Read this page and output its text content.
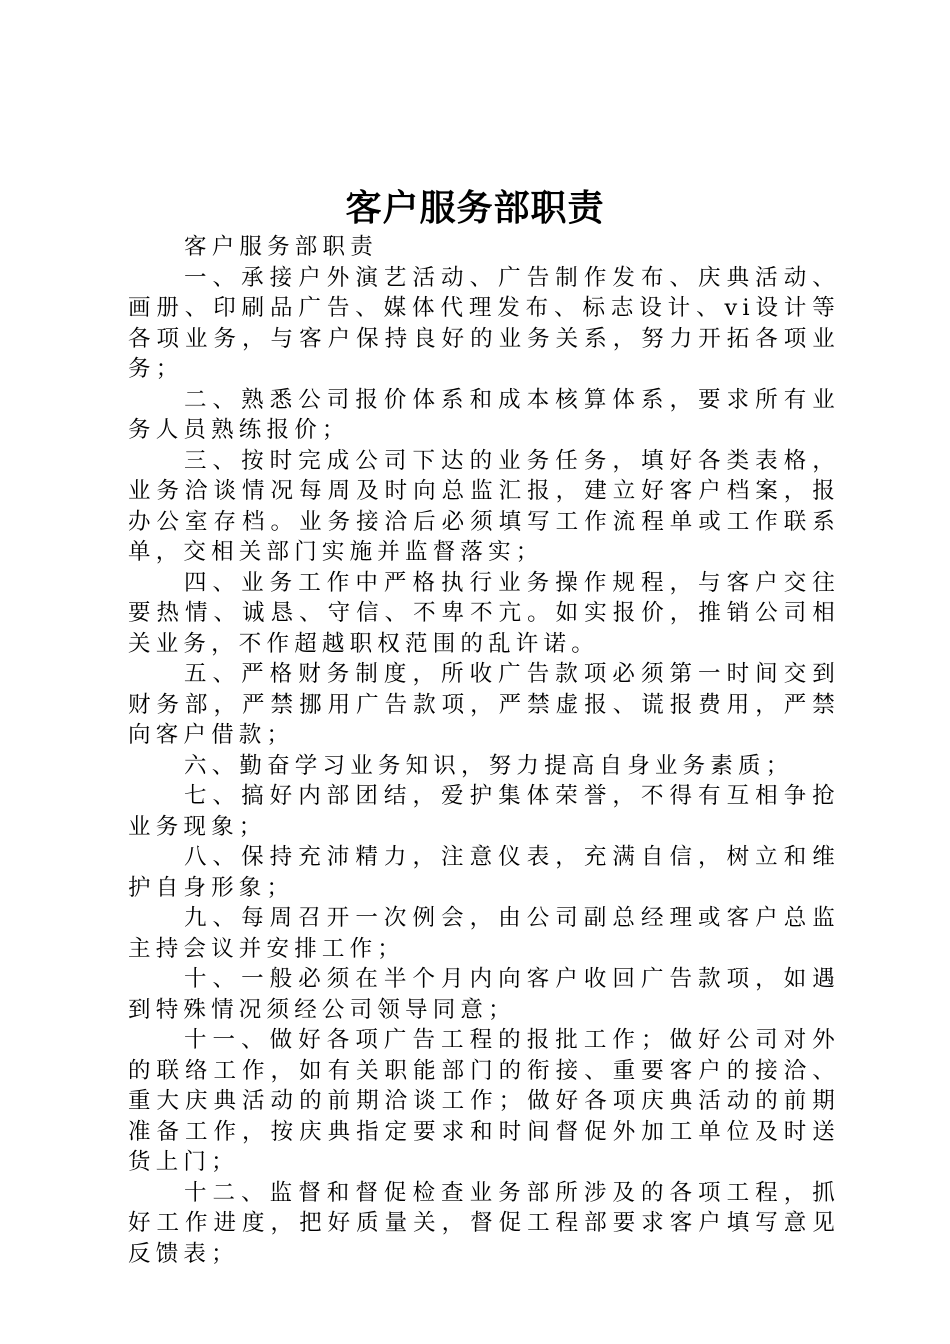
客户服务部职责

客户服务部职责

一、承接户外演艺活动、广告制作发布、庆典活动、画册、印刷品广告、媒体代理发布、标志设计、vi设计等各项业务，与客户保持良好的业务关系，努力开拓各项业务；

二、熟悉公司报价体系和成本核算体系，要求所有业务人员熟练报价；

三、按时完成公司下达的业务任务，填好各类表格，业务洽谈情况每周及时向总监汇报，建立好客户档案，报办公室存档。业务接洽后必须填写工作流程单或工作联系单，交相关部门实施并监督落实；

四、业务工作中严格执行业务操作规程，与客户交往要热情、诚恳、守信、不卑不亢。如实报价，推销公司相关业务，不作超越职权范围的乱许诺。

五、严格财务制度，所收广告款项必须第一时间交到财务部，严禁挪用广告款项，严禁虚报、谎报费用，严禁向客户借款；

六、勤奋学习业务知识，努力提高自身业务素质；

七、搞好内部团结，爱护集体荣誉，不得有互相争抢业务现象；

八、保持充沛精力，注意仪表，充满自信，树立和维护自身形象；

九、每周召开一次例会，由公司副总经理或客户总监主持会议并安排工作；

十、一般必须在半个月内向客户收回广告款项，如遇到特殊情况须经公司领导同意；

十一、做好各项广告工程的报批工作；做好公司对外的联络工作，如有关职能部门的衔接、重要客户的接洽、重大庆典活动的前期洽谈工作；做好各项庆典活动的前期准备工作，按庆典指定要求和时间督促外加工单位及时送货上门；

十二、监督和督促检查业务部所涉及的各项工程，抓好工作进度，把好质量关，督促工程部要求客户填写意见反馈表；
